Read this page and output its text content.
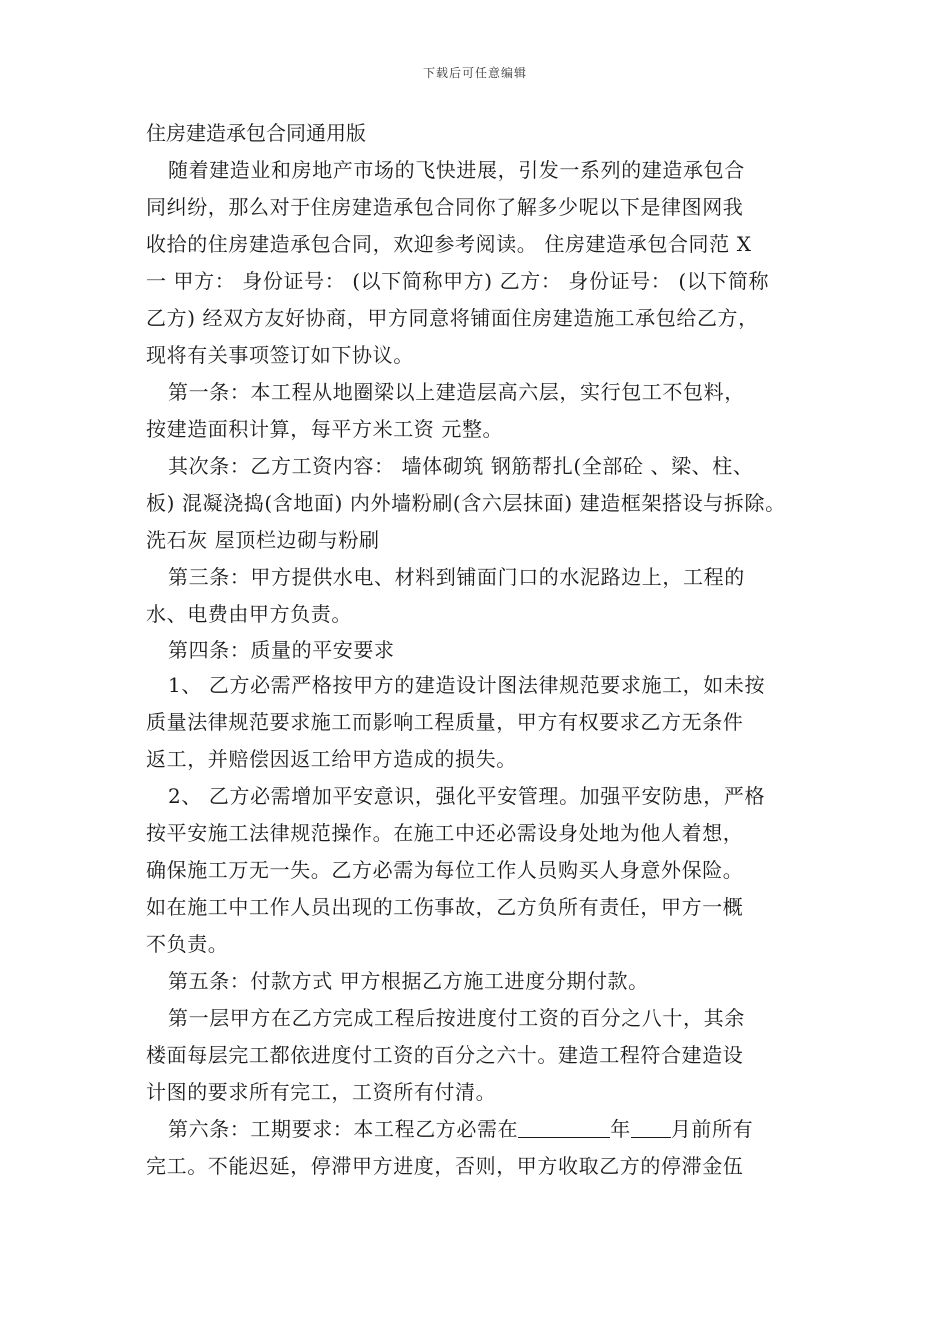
下载后可任意编辑
住房建造承包合同通用版
随着建造业和房地产市场的飞快进展，引发一系列的建造承包合
同纠纷，那么对于住房建造承包合同你了解多少呢以下是律图网我
收拾的住房建造承包合同，欢迎参考阅读。 住房建造承包合同范 X
一 甲方： 身份证号： (以下简称甲方) 乙方： 身份证号： (以下简称
乙方) 经双方友好协商，甲方同意将铺面住房建造施工承包给乙方，
现将有关事项签订如下协议。
第一条：本工程从地圈梁以上建造层高六层，实行包工不包料，
按建造面积计算，每平方米工资 元整。
其次条：乙方工资内容： 墙体砌筑 钢筋帮扎(全部砼 、梁、柱、
板) 混凝浇捣(含地面) 内外墙粉刷(含六层抹面) 建造框架搭设与拆除。
洗石灰 屋顶栏边砌与粉刷
第三条：甲方提供水电、材料到铺面门口的水泥路边上，工程的
水、电费由甲方负责。
第四条：质量的平安要求
1、 乙方必需严格按甲方的建造设计图法律规范要求施工，如未按
质量法律规范要求施工而影响工程质量，甲方有权要求乙方无条件
返工，并赔偿因返工给甲方造成的损失。
2、 乙方必需增加平安意识，强化平安管理。加强平安防患，严格
按平安施工法律规范操作。在施工中还必需设身处地为他人着想，
确保施工万无一失。乙方必需为每位工作人员购买人身意外保险。
如在施工中工作人员出现的工伤事故，乙方负所有责任，甲方一概
不负责。
第五条：付款方式 甲方根据乙方施工进度分期付款。
第一层甲方在乙方完成工程后按进度付工资的百分之八十，其余
楼面每层完工都依进度付工资的百分之六十。建造工程符合建造设
计图的要求所有完工，工资所有付清。
第六条：工期要求：本工程乙方必需在	年 月前所有
完工。不能迟延，停滞甲方进度，否则，甲方收取乙方的停滞金伍
